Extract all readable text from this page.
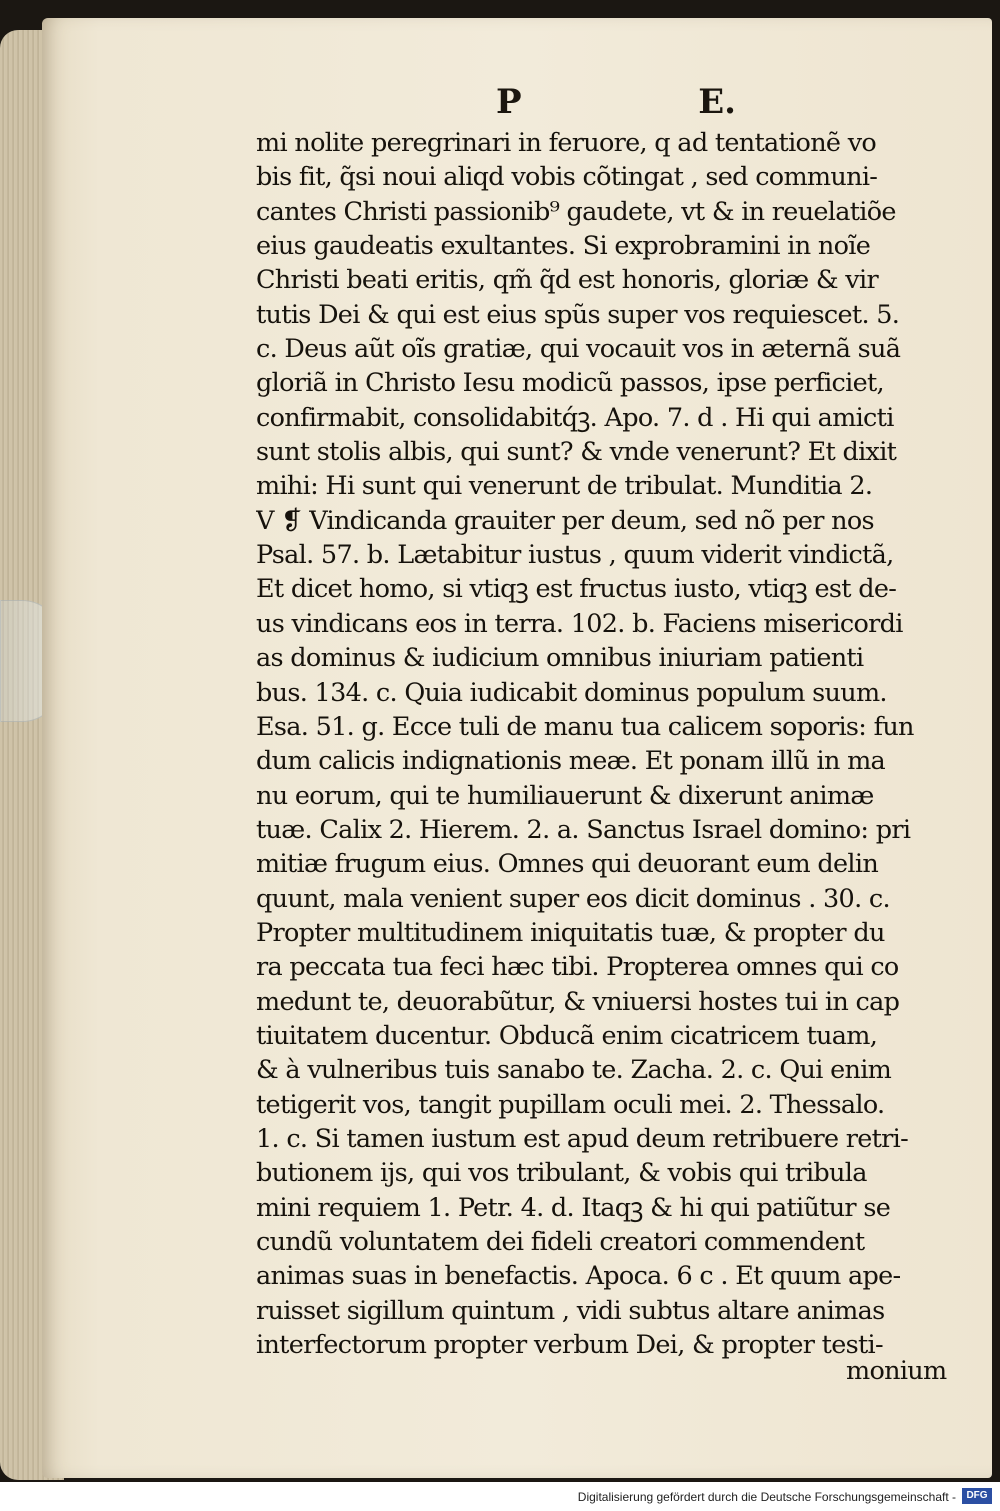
P	E.
mi nolite peregrinari in feruore, q ad tentationẽ vo
bis fit, q̃si noui aliqd vobis cõtingat , sed communi-
cantes Christi passionib⁹ gaudete, vt & in reuelatiõe
eius gaudeatis exultantes. Si exprobramini in noĩe
Christi beati eritis, qm̃ q̃d est honoris, gloriæ & vir
tutis Dei & qui est eius spũs super vos requiescet. 5.
c. Deus aũt oĩs gratiæ, qui vocauit vos in æternã suã
gloriã in Christo Iesu modicũ passos, ipse perficiet,
confirmabit, consolidabitq́ꝫ. Apo. 7. d . Hi qui amicti
sunt stolis albis, qui sunt? & vnde venerunt? Et dixit
mihi: Hi sunt qui venerunt de tribulat. Munditia 2.
V ❡ Vindicanda grauiter per deum, sed nõ per nos
Psal. 57. b. Lætabitur iustus , quum viderit vindictã,
Et dicet homo, si vtiqꝫ est fructus iusto, vtiqꝫ est de-
us vindicans eos in terra. 102. b. Faciens misericordi
as dominus & iudicium omnibus iniuriam patienti
bus. 134. c. Quia iudicabit dominus populum suum.
Esa. 51. g. Ecce tuli de manu tua calicem soporis: fun
dum calicis indignationis meæ. Et ponam illũ in ma
nu eorum, qui te humiliauerunt & dixerunt animæ
tuæ. Calix 2. Hierem. 2. a. Sanctus Israel domino: pri
mitiæ frugum eius. Omnes qui deuorant eum delin
quunt, mala venient super eos dicit dominus . 30. c.
Propter multitudinem iniquitatis tuæ, & propter du
ra peccata tua feci hæc tibi. Propterea omnes qui co
medunt te, deuorabũtur, & vniuersi hostes tui in cap
tiuitatem ducentur. Obducã enim cicatricem tuam,
& à vulneribus tuis sanabo te. Zacha. 2. c. Qui enim
tetigerit vos, tangit pupillam oculi mei. 2. Thessalo.
1. c. Si tamen iustum est apud deum retribuere retri-
butionem ijs, qui vos tribulant, & vobis qui tribula
mini requiem 1. Petr. 4. d. Itaqꝫ & hi qui patiũtur se
cundũ voluntatem dei fideli creatori commendent
animas suas in benefactis. Apoca. 6 c . Et quum ape-
ruisset sigillum quintum , vidi subtus altare animas
interfectorum propter verbum Dei, & propter testi-
monium
Digitalisierung gefördert durch die Deutsche Forschungsgemeinschaft -	DFG
